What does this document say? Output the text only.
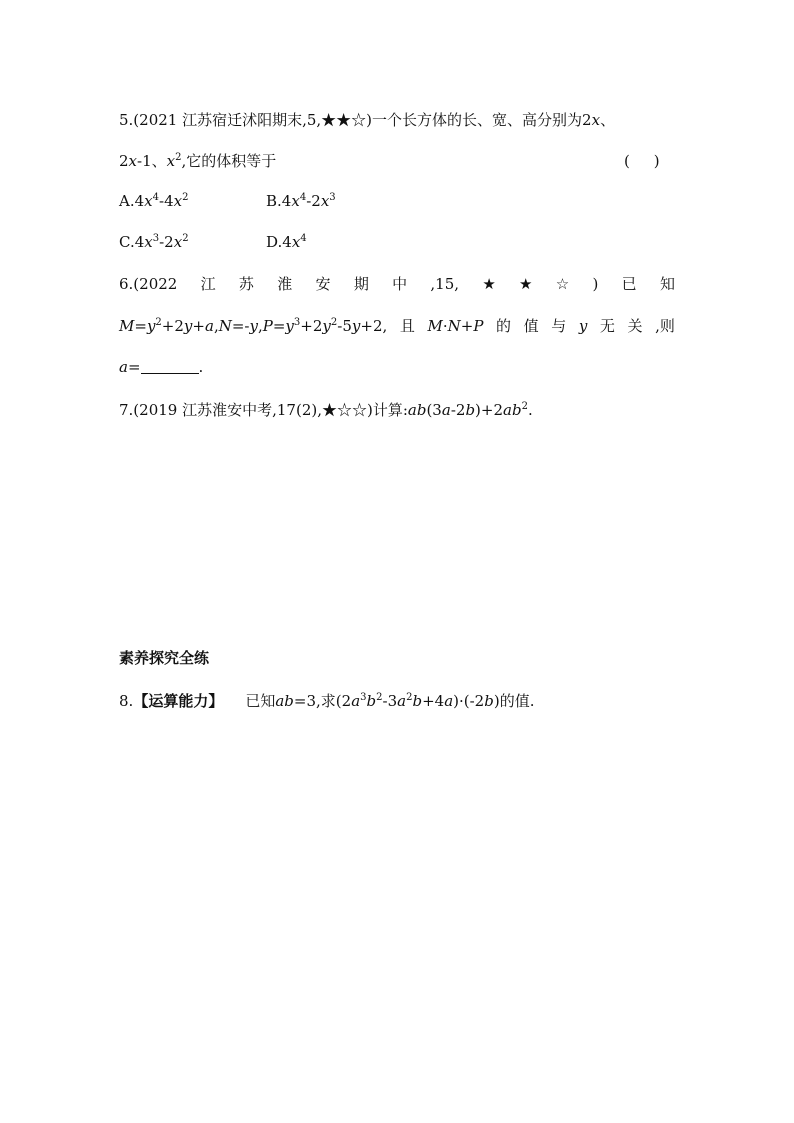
5.(2021 江苏宿迁沭阳期末,5,★★☆)一个长方体的长、宽、高分别为2x、
2x-1、$x^2$,它的体积等于	(     )
$A.4x^4-4x^2$	$B.4x^4-2x^3$
$C.4x^3-2x^2$	$D.4x^4$
6.(2022 江 苏 淮 安 期 中 ,15, ★ ★ ☆ ) 已 知
$M=y^2+2y+a,N=-y,P=y^3+2y^2-5y+2$, 且 M·N+P 的 值 与 y 无 关 ,则
a=	.
7.(2019 江苏淮安中考,17(2),★☆☆)计算$:ab(3a-2b)+2ab^2$.
素养探究全练
8.【运算能力】 已知ab=3,求$(2a^3b^2-3a^2b+4a)\cdot(-2b)$的值.
